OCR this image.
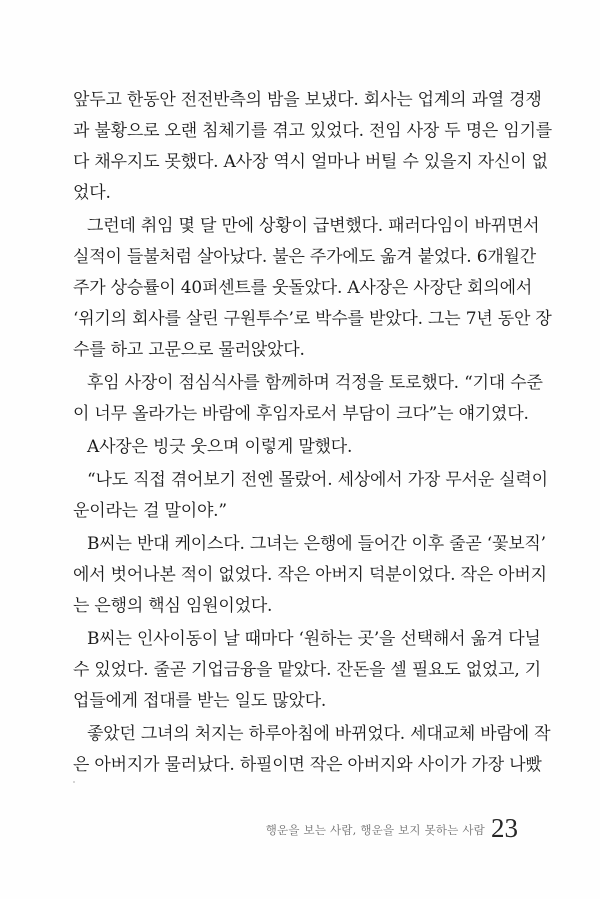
앞두고 한동안 전전반측의 밤을 보냈다. 회사는 업계의 과열 경쟁
과 불황으로 오랜 침체기를 겪고 있었다. 전임 사장 두 명은 임기를
다 채우지도 못했다. A사장 역시 얼마나 버틸 수 있을지 자신이 없
었다.
그런데 취임 몇 달 만에 상황이 급변했다. 패러다임이 바뀌면서
실적이 들불처럼 살아났다. 불은 주가에도 옮겨 붙었다. 6개월간
주가 상승률이 40퍼센트를 웃돌았다. A사장은 사장단 회의에서
‘위기의 회사를 살린 구원투수’로 박수를 받았다. 그는 7년 동안 장
수를 하고 고문으로 물러앉았다.
후임 사장이 점심식사를 함께하며 걱정을 토로했다. “기대 수준
이 너무 올라가는 바람에 후임자로서 부담이 크다”는 얘기였다.
A사장은 빙긋 웃으며 이렇게 말했다.
“나도 직접 겪어보기 전엔 몰랐어. 세상에서 가장 무서운 실력이
운이라는 걸 말이야.”
B씨는 반대 케이스다. 그녀는 은행에 들어간 이후 줄곧 ‘꽃보직’
에서 벗어나본 적이 없었다. 작은 아버지 덕분이었다. 작은 아버지
는 은행의 핵심 임원이었다.
B씨는 인사이동이 날 때마다 ‘원하는 곳’을 선택해서 옮겨 다닐
수 있었다. 줄곧 기업금융을 맡았다. 잔돈을 셀 필요도 없었고, 기
업들에게 접대를 받는 일도 많았다.
좋았던 그녀의 처지는 하루아침에 바뀌었다. 세대교체 바람에 작
은 아버지가 물러났다. 하필이면 작은 아버지와 사이가 가장 나빴
행운을 보는 사람, 행운을 보지 못하는 사람 23
